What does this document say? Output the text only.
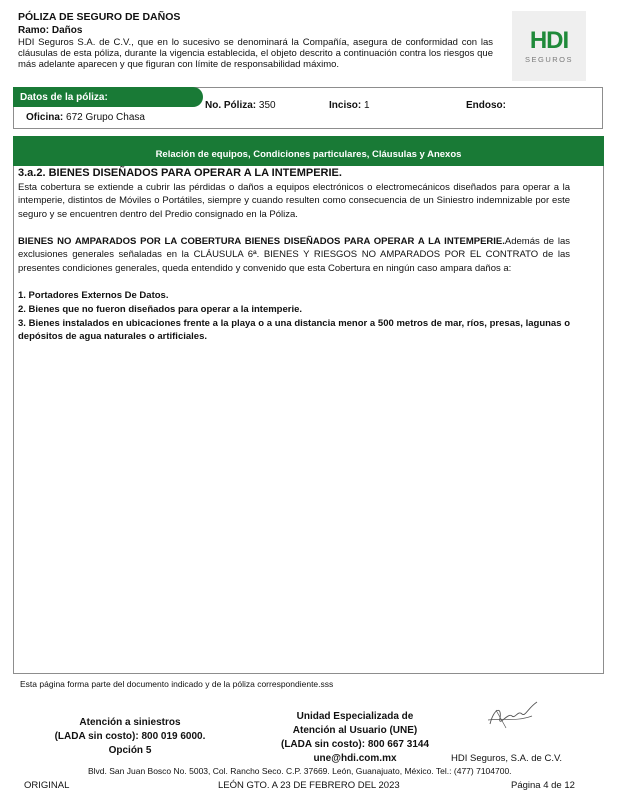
PÓLIZA DE SEGURO DE DAÑOS
Ramo: Daños
HDI Seguros S.A. de C.V., que en lo sucesivo se denominará la Compañía, asegura de conformidad con las cláusulas de esta póliza, durante la vigencia establecida, el objeto descrito a continuación contra los riesgos que más adelante aparecen y que figuran con límite de responsabilidad máximo.
HDI
SEGUROS
Datos de la póliza:
No. Póliza: 350	Inciso: 1	Endoso:
Oficina: 672 Grupo Chasa
Relación de equipos, Condiciones particulares, Cláusulas y Anexos
3.a.2. BIENES DISEÑADOS PARA OPERAR A LA INTEMPERIE.
Esta cobertura se extiende a cubrir las pérdidas o daños a equipos electrónicos o electromecánicos diseñados para operar a la intemperie, distintos de Móviles o Portátiles, siempre y cuando resulten como consecuencia de un Siniestro indemnizable por este seguro y se encuentren dentro del Predio consignado en la Póliza.
BIENES NO AMPARADOS POR LA COBERTURA BIENES DISEÑADOS PARA OPERAR A LA INTEMPERIE.Además de las exclusiones generales señaladas en la CLÁUSULA 6ª. BIENES Y RIESGOS NO AMPARADOS POR EL CONTRATO de las presentes condiciones generales, queda entendido y convenido que esta Cobertura en ningún caso ampara daños a:
1. Portadores Externos De Datos.
2. Bienes que no fueron diseñados para operar a la intemperie.
3. Bienes instalados en ubicaciones frente a la playa o a una distancia menor a 500 metros de mar, ríos, presas, lagunas o depósitos de agua naturales o artificiales.
Esta página forma parte del documento indicado y de la póliza correspondiente.sss
Atención a siniestros
(LADA sin costo): 800 019 6000.
Opción 5
Unidad Especializada de
Atención al Usuario (UNE)
(LADA sin costo): 800 667 3144
une@hdi.com.mx	HDI Seguros, S.A. de C.V.
Blvd. San Juan Bosco No. 5003, Col. Rancho Seco. C.P. 37669. León, Guanajuato, México. Tel.: (477) 7104700.
ORIGINAL	LEÓN GTO. A 23 DE FEBRERO DEL 2023	Página 4 de 12
